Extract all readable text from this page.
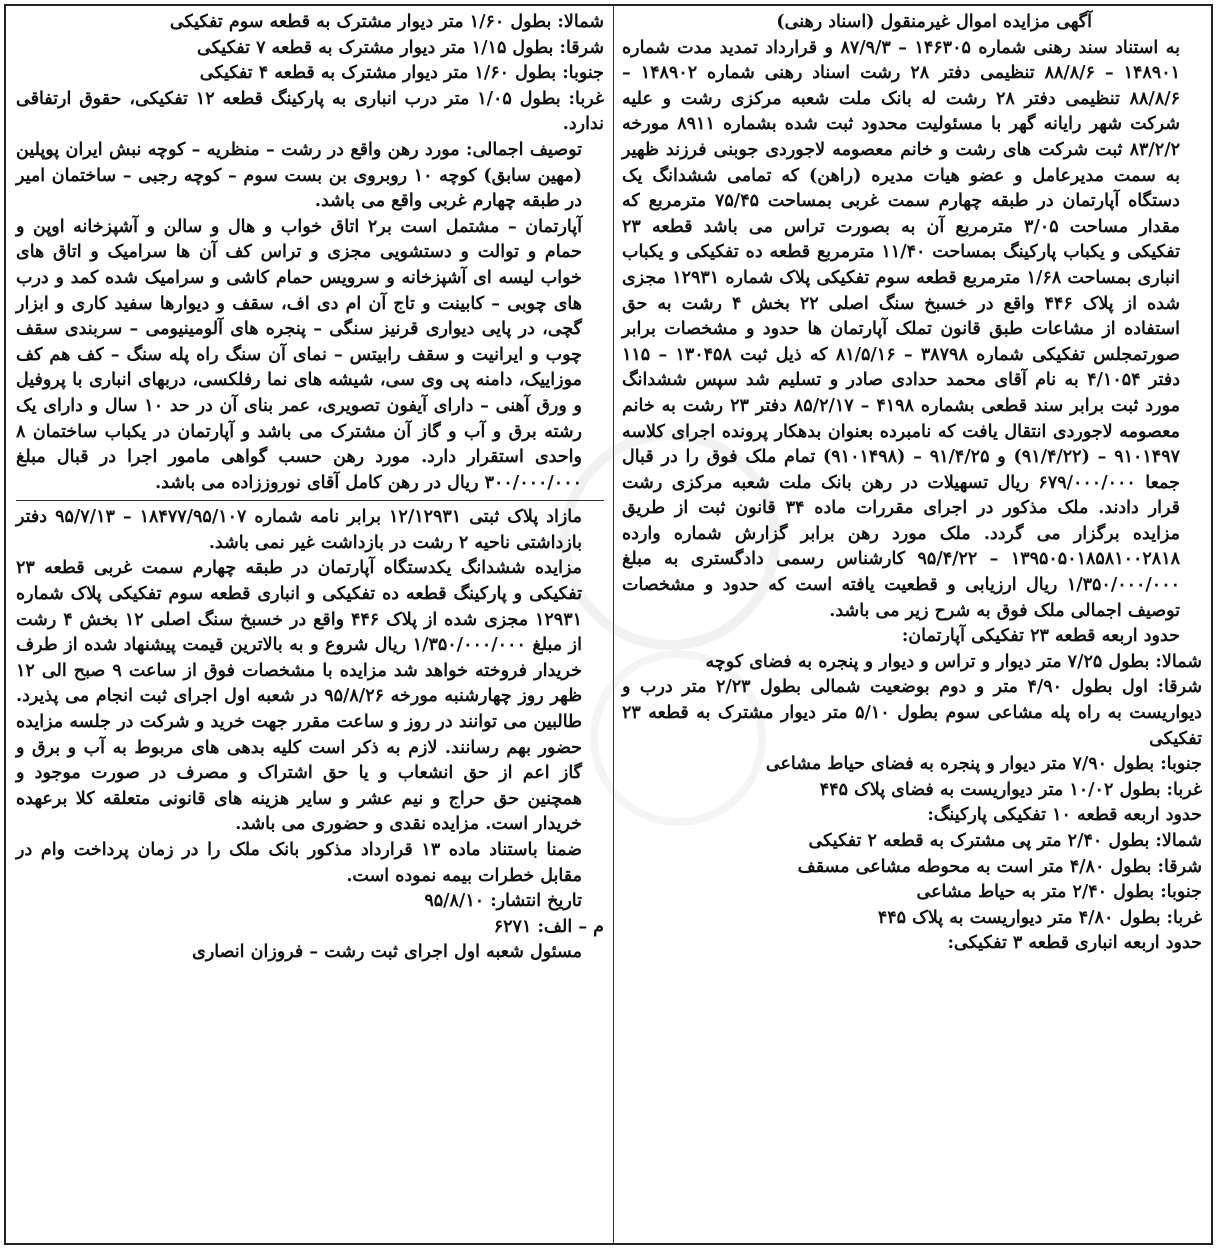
آگهی مزایده اموال غیرمنقول (اسناد رهنی)

به استناد سند رهنی شماره ۱۴۶۳۰۵ – ۸۷/۹/۳ و قرارداد تمدید مدت شماره ۱۴۸۹۰۱ – ۸۸/۸/۶ تنظیمی دفتر ۲۸ رشت اسناد رهنی شماره ۱۴۸۹۰۲ – ۸۸/۸/۶ تنظیمی دفتر ۲۸ رشت له بانک ملت شعبه مرکزی رشت و علیه شرکت شهر رایانه گهر با مسئولیت محدود ثبت شده بشماره ۸۹۱۱ مورخه ۸۳/۲/۲ ثبت شرکت های رشت و خانم معصومه لاجوردی جوبنی فرزند ظهیر به سمت مدیرعامل و عضو هیات مدیره (راهن) که تمامی ششدانگ یک دستگاه آپارتمان در طبقه چهارم سمت غربی بمساحت ۷۵/۴۵ مترمربع که مقدار مساحت ۳/۰۵ مترمربع آن به بصورت تراس می باشد قطعه ۲۳ تفکیکی و یکباب پارکینگ بمساحت ۱۱/۴۰ مترمربع قطعه ده تفکیکی و یکباب انباری بمساحت ۱/۶۸ مترمربع قطعه سوم تفکیکی پلاک شماره ۱۲۹۳۱ مجزی شده از پلاک ۴۴۶ واقع در خسبخ سنگ اصلی ۲۲ بخش ۴ رشت به حق استفاده از مشاعات طبق قانون تملک آپارتمان ها حدود و مشخصات برابر صورتمجلس تفکیکی شماره ۳۸۷۹۸ – ۸۱/۵/۱۶ که ذیل ثبت ۱۳۰۴۵۸ – ۱۱۵ دفتر ۴/۱۰۵۴ به نام آقای محمد حدادی صادر و تسلیم شد سپس ششدانگ مورد ثبت برابر سند قطعی بشماره ۴۱۹۸ – ۸۵/۲/۱۷ دفتر ۲۳ رشت به خانم معصومه لاجوردی انتقال یافت که نامبرده بعنوان بدهکار پرونده اجرای کلاسه ۹۱۰۱۴۹۷ – (۹۱/۴/۲۲) و ۹۱/۴/۲۵ – (۹۱۰۱۴۹۸) تمام ملک فوق را در قبال جمعا ۶۷۹/۰۰۰/۰۰۰ ریال تسهیلات در رهن بانک ملت شعبه مرکزی رشت قرار دادند. ملک مذکور در اجرای مقررات ماده ۳۴ قانون ثبت از طریق مزایده برگزار می گردد. ملک مورد رهن برابر گزارش شماره وارده ۱۳۹۵۰۵۰۱۸۵۸۱۰۰۲۸۱۸ – ۹۵/۴/۲۲ کارشناس رسمی دادگستری به مبلغ ۱/۳۵۰/۰۰۰/۰۰۰ ریال ارزیابی و قطعیت یافته است که حدود و مشخصات توصیف اجمالی ملک فوق به شرح زیر می باشد.

حدود اربعه قطعه ۲۳ تفکیکی آپارتمان:

شمالا: بطول ۷/۲۵ متر دیوار و تراس و دیوار و پنجره به فضای کوچه

شرقا: اول بطول ۴/۹۰ متر و دوم بوضعیت شمالی بطول ۲/۲۳ متر درب و دیواریست به راه پله مشاعی سوم بطول ۵/۱۰ متر دیوار مشترک به قطعه ۲۳ تفکیکی

جنوبا: بطول ۷/۹۰ متر دیوار و پنجره به فضای حیاط مشاعی

غربا: بطول ۱۰/۰۲ متر دیواریست به فضای پلاک ۴۴۵

حدود اربعه قطعه ۱۰ تفکیکی پارکینگ:

شمالا: بطول ۲/۴۰ متر پی مشترک به قطعه ۲ تفکیکی

شرقا: بطول ۴/۸۰ متر است به محوطه مشاعی مسقف

جنوبا: بطول ۲/۴۰ متر به حیاط مشاعی

غربا: بطول ۴/۸۰ متر دیواریست به پلاک ۴۴۵

حدود اربعه انباری قطعه ۳ تفکیکی:

شمالا: بطول ۱/۶۰ متر دیوار مشترک به قطعه سوم تفکیکی

شرقا: بطول ۱/۱۵ متر دیوار مشترک به قطعه ۷ تفکیکی

جنوبا: بطول ۱/۶۰ متر دیوار مشترک به قطعه ۴ تفکیکی

غربا: بطول ۱/۰۵ متر درب انباری به پارکینگ قطعه ۱۲ تفکیکی، حقوق ارتفاقی ندارد.

توصیف اجمالی: مورد رهن واقع در رشت – منظریه – کوچه نبش ایران پوپلین (مهین سابق) کوچه ۱۰ روبروی بن بست سوم – کوچه رجبی – ساختمان امیر در طبقه چهارم غربی واقع می باشد.

آپارتمان – مشتمل است بر۲ اتاق خواب و هال و سالن و آشپزخانه اوپن و حمام و توالت و دستشویی مجزی و تراس کف آن ها سرامیک و اتاق های خواب لیسه ای آشپزخانه و سرویس حمام کاشی و سرامیک شده کمد و درب های چوبی – کابینت و تاج آن ام دی اف، سقف و دیوارها سفید کاری و ابزار گچی، در پایی دیواری قرنیز سنگی – پنجره های آلومینیومی – سربندی سقف چوب و ایرانیت و سقف رابیتس – نمای آن سنگ راه پله سنگ – کف هم کف موزاییک، دامنه پی وی سی، شیشه های نما رفلکسی، دربهای انباری با پروفیل و ورق آهنی – دارای آیفون تصویری، عمر بنای آن در حد ۱۰ سال و دارای یک رشته برق و آب و گاز آن مشترک می باشد و آپارتمان در یکباب ساختمان ۸ واحدی استقرار دارد. مورد رهن حسب گواهی مامور اجرا در قبال مبلغ ۳۰۰/۰۰۰/۰۰۰ ریال در رهن کامل آقای نوروززاده می باشد.

مازاد پلاک ثبتی ۱۲/۱۲۹۳۱ برابر نامه شماره ۱۸۴۷۷/۹۵/۱۰۷ – ۹۵/۷/۱۳ دفتر بازداشتی ناحیه ۲ رشت در بازداشت غیر نمی باشد.

مزایده ششدانگ یکدستگاه آپارتمان در طبقه چهارم سمت غربی قطعه ۲۳ تفکیکی و پارکینگ قطعه ده تفکیکی و انباری قطعه سوم تفکیکی پلاک شماره ۱۲۹۳۱ مجزی شده از پلاک ۴۴۶ واقع در خسبخ سنگ اصلی ۱۲ بخش ۴ رشت از مبلغ ۱/۳۵۰/۰۰۰/۰۰۰ ریال شروع و به بالاترین قیمت پیشنهاد شده از طرف خریدار فروخته خواهد شد مزایده با مشخصات فوق از ساعت ۹ صبح الی ۱۲ ظهر روز چهارشنبه مورخه ۹۵/۸/۲۶ در شعبه اول اجرای ثبت انجام می پذیرد. طالبین می توانند در روز و ساعت مقرر جهت خرید و شرکت در جلسه مزایده حضور بهم رسانند. لازم به ذکر است کلیه بدهی های مربوط به آب و برق و گاز اعم از حق انشعاب و یا حق اشتراک و مصرف در صورت موجود و همچنین حق حراج و نیم عشر و سایر هزینه های قانونی متعلقه کلا برعهده خریدار است. مزایده نقدی و حضوری می باشد.

ضمنا باستناد ماده ۱۳ قرارداد مذکور بانک ملک را در زمان پرداخت وام در مقابل خطرات بیمه نموده است.

تاریخ انتشار: ۹۵/۸/۱۰

م – الف: ۶۲۷۱

مسئول شعبه اول اجرای ثبت رشت – فروزان انصاری
